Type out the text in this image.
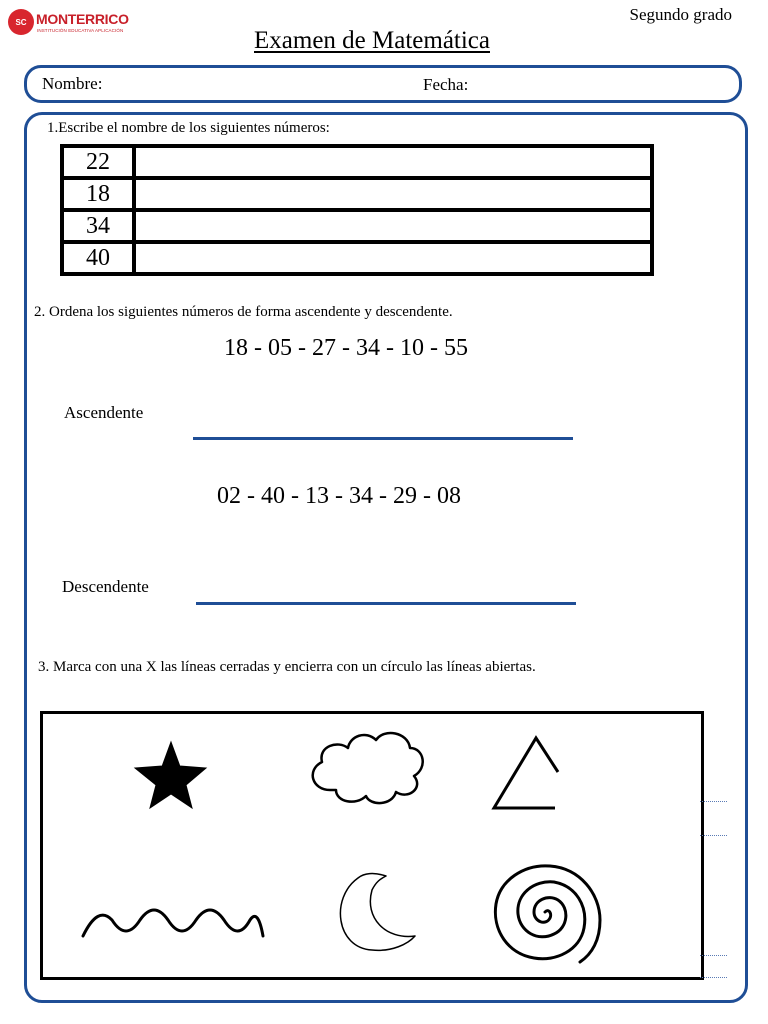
SC MONTERRICO
INSTITUCIÓN EDUCATIVA APLICACIÓN
Segundo grado
Examen de Matemática
Nombre:	Fecha:
1.Escribe el nombre de los siguientes números:
22	
18	
34	
40	
2. Ordena los siguientes números de forma ascendente y descendente.
18 - 05 - 27 - 34 - 10 - 55
Ascendente
02 - 40 - 13 - 34 - 29 - 08
Descendente
3. Marca con una X las líneas cerradas y encierra con un círculo las líneas abiertas.
